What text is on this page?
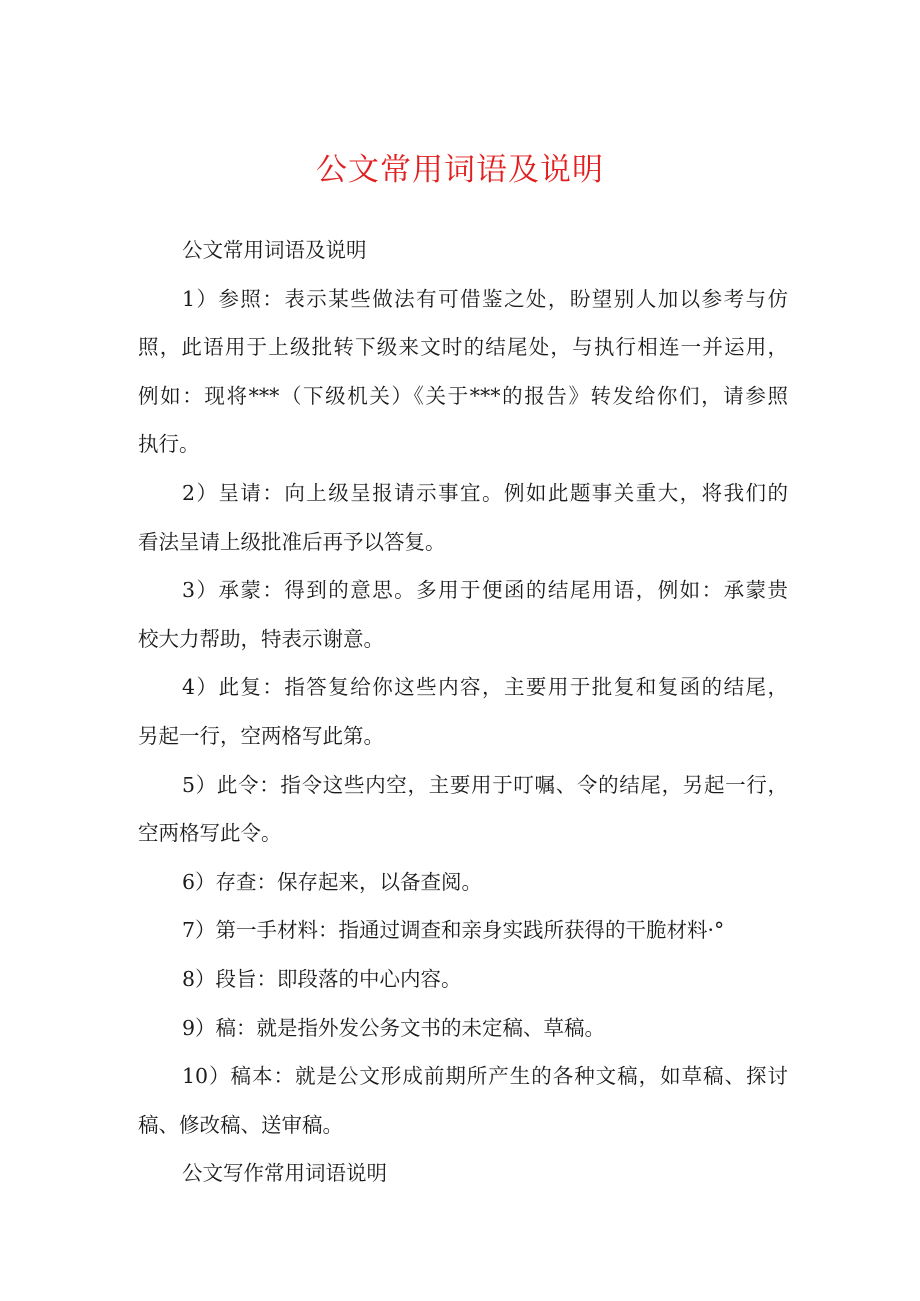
公文常用词语及说明
公文常用词语及说明
1）参照：表示某些做法有可借鉴之处，盼望别人加以参考与仿
照，此语用于上级批转下级来文时的结尾处，与执行相连一并运用，
例如：现将***（下级机关）《关于***的报告》转发给你们，请参照
执行。
2）呈请：向上级呈报请示事宜。例如此题事关重大，将我们的
看法呈请上级批准后再予以答复。
3）承蒙：得到的意思。多用于便函的结尾用语，例如：承蒙贵
校大力帮助，特表示谢意。
4）此复：指答复给你这些内容，主要用于批复和复函的结尾，
另起一行，空两格写此第。
5）此令：指令这些内空，主要用于叮嘱、令的结尾，另起一行，
空两格写此令。
6）存查：保存起来，以备查阅。
7）第一手材料：指通过调查和亲身实践所获得的干脆材料·°
8）段旨：即段落的中心内容。
9）稿：就是指外发公务文书的未定稿、草稿。
10）稿本：就是公文形成前期所产生的各种文稿，如草稿、探讨
稿、修改稿、送审稿。
公文写作常用词语说明
